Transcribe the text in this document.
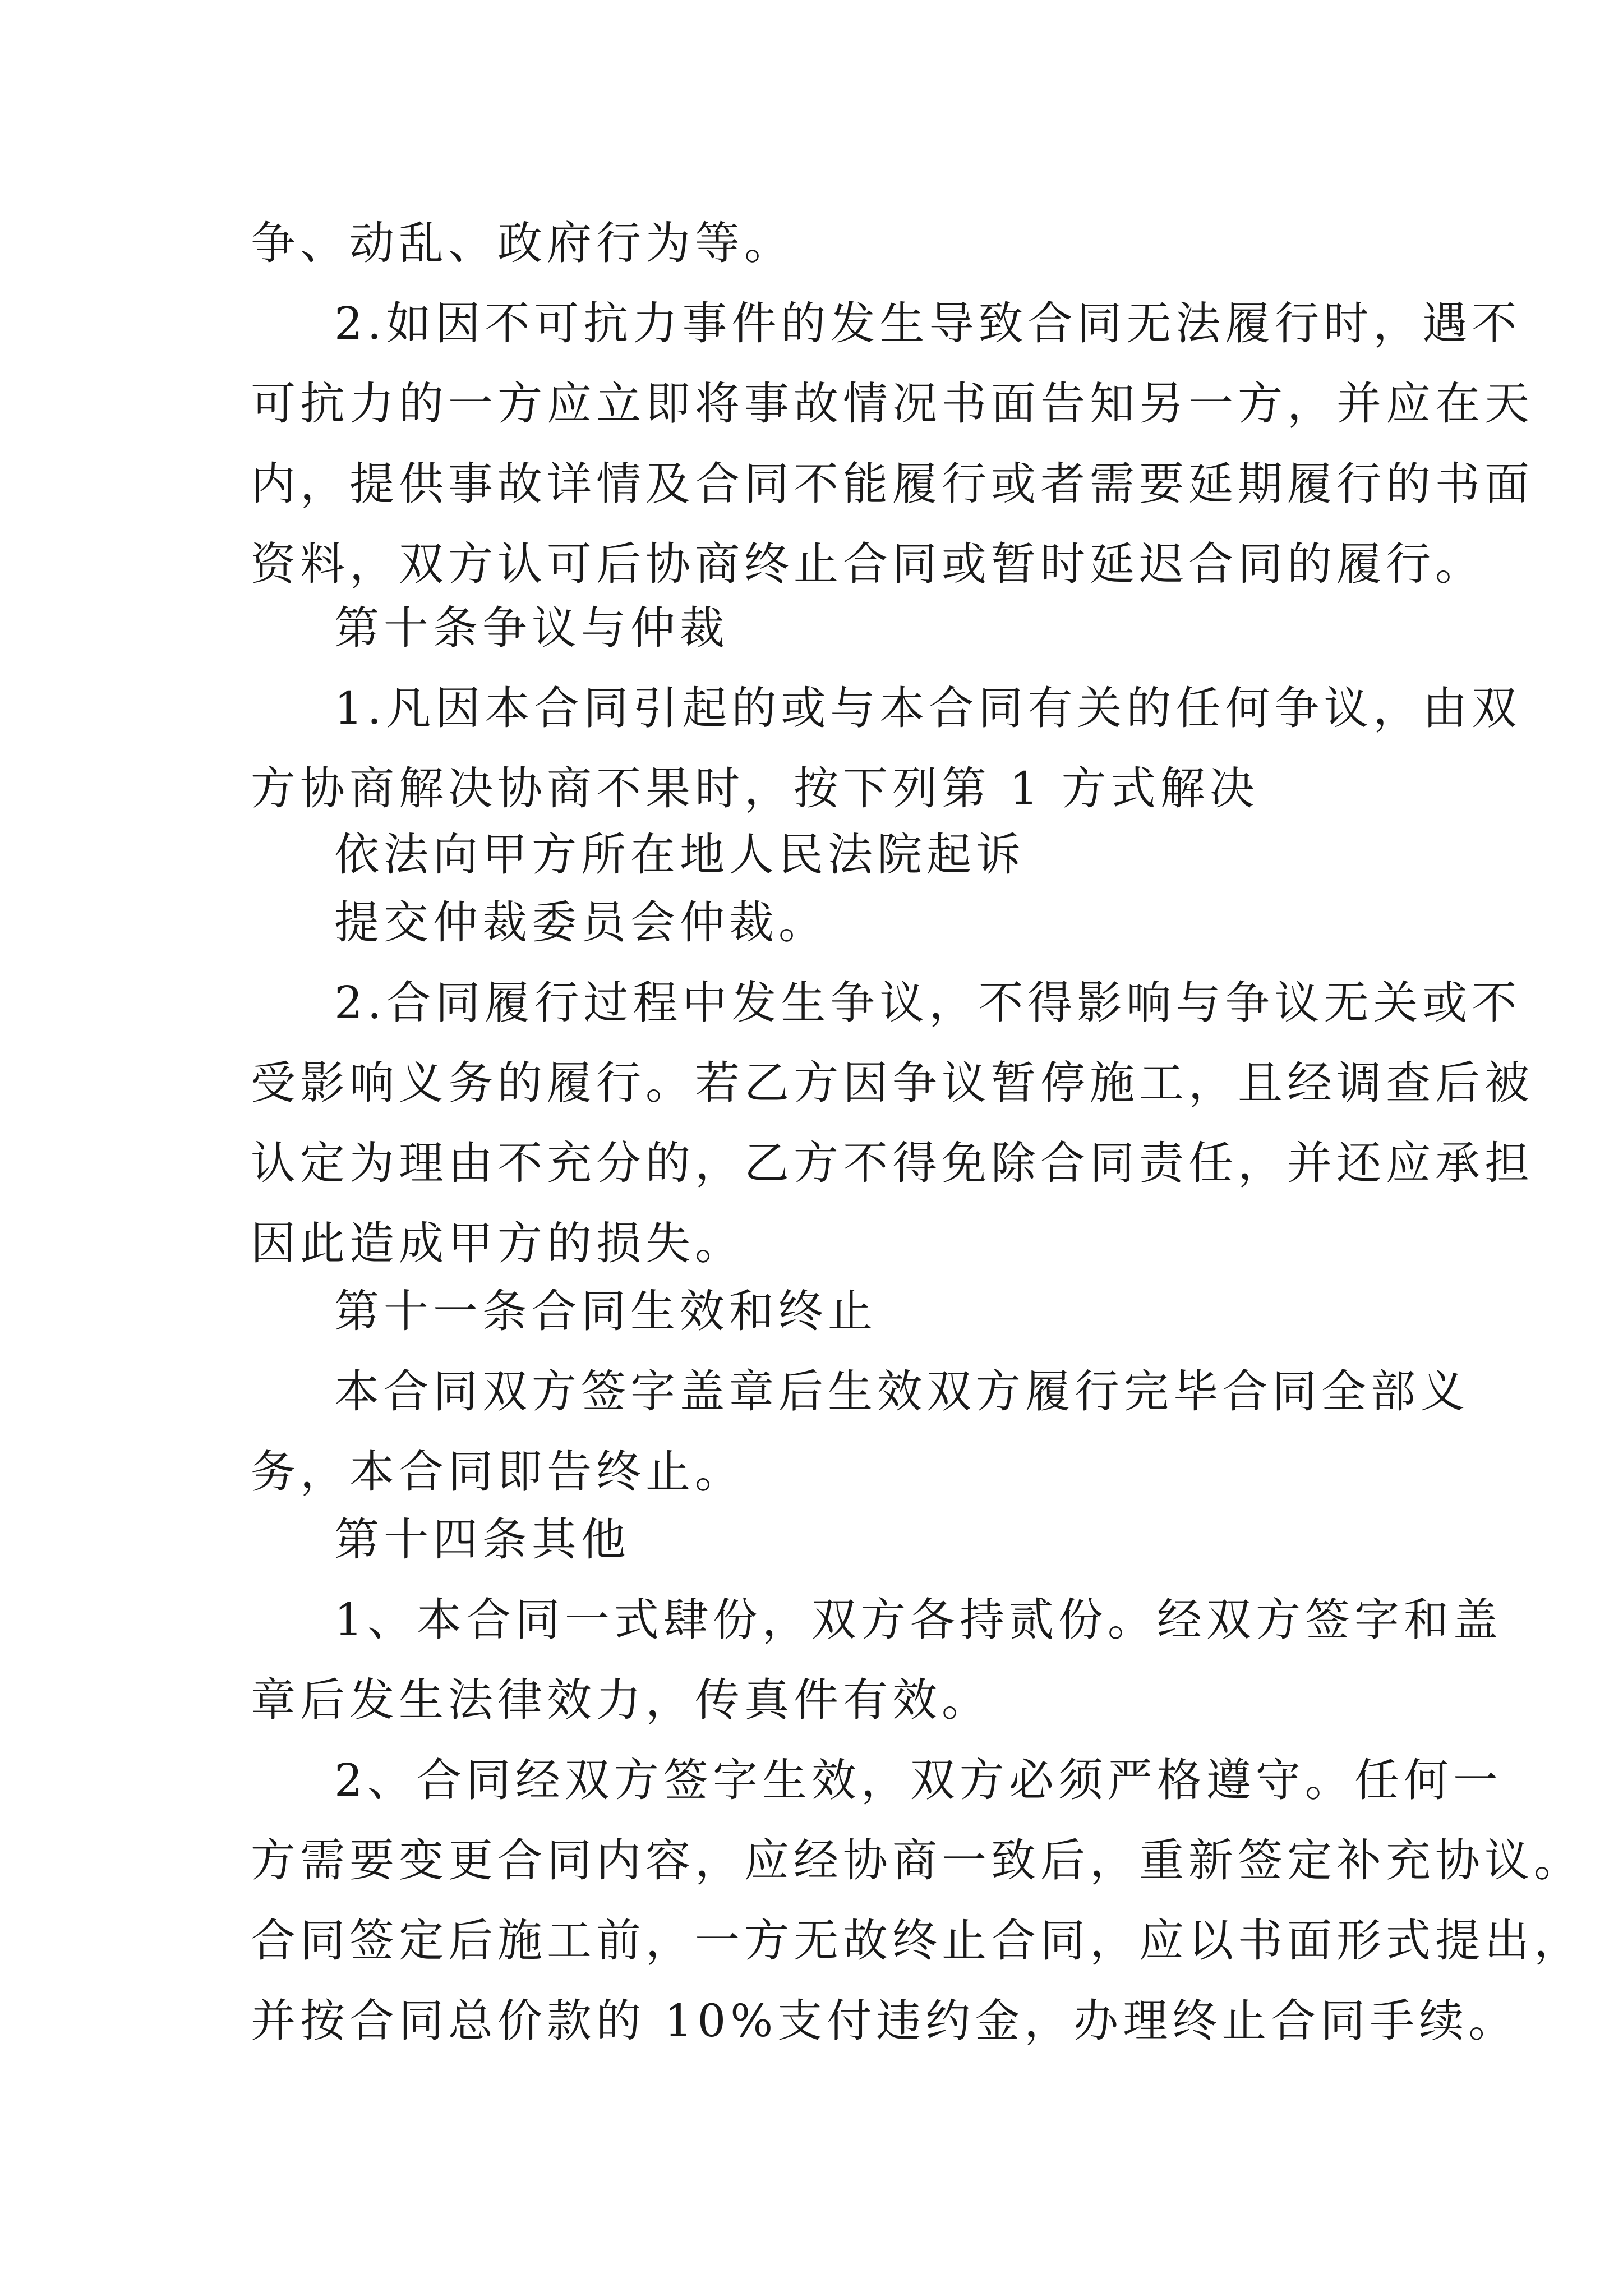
争、动乱、政府行为等。
2.如因不可抗力事件的发生导致合同无法履行时，遇不
可抗力的一方应立即将事故情况书面告知另一方，并应在天
内，提供事故详情及合同不能履行或者需要延期履行的书面
资料，双方认可后协商终止合同或暂时延迟合同的履行。
第十条争议与仲裁
1.凡因本合同引起的或与本合同有关的任何争议，由双
方协商解决协商不果时，按下列第 1 方式解决
依法向甲方所在地人民法院起诉
提交仲裁委员会仲裁。
2.合同履行过程中发生争议，不得影响与争议无关或不
受影响义务的履行。若乙方因争议暂停施工，且经调查后被
认定为理由不充分的，乙方不得免除合同责任，并还应承担
因此造成甲方的损失。
第十一条合同生效和终止
本合同双方签字盖章后生效双方履行完毕合同全部义
务，本合同即告终止。
第十四条其他
1、本合同一式肆份，双方各持贰份。经双方签字和盖
章后发生法律效力，传真件有效。
2、合同经双方签字生效，双方必须严格遵守。任何一
方需要变更合同内容，应经协商一致后，重新签定补充协议。
合同签定后施工前，一方无故终止合同，应以书面形式提出，
并按合同总价款的 10%支付违约金，办理终止合同手续。
